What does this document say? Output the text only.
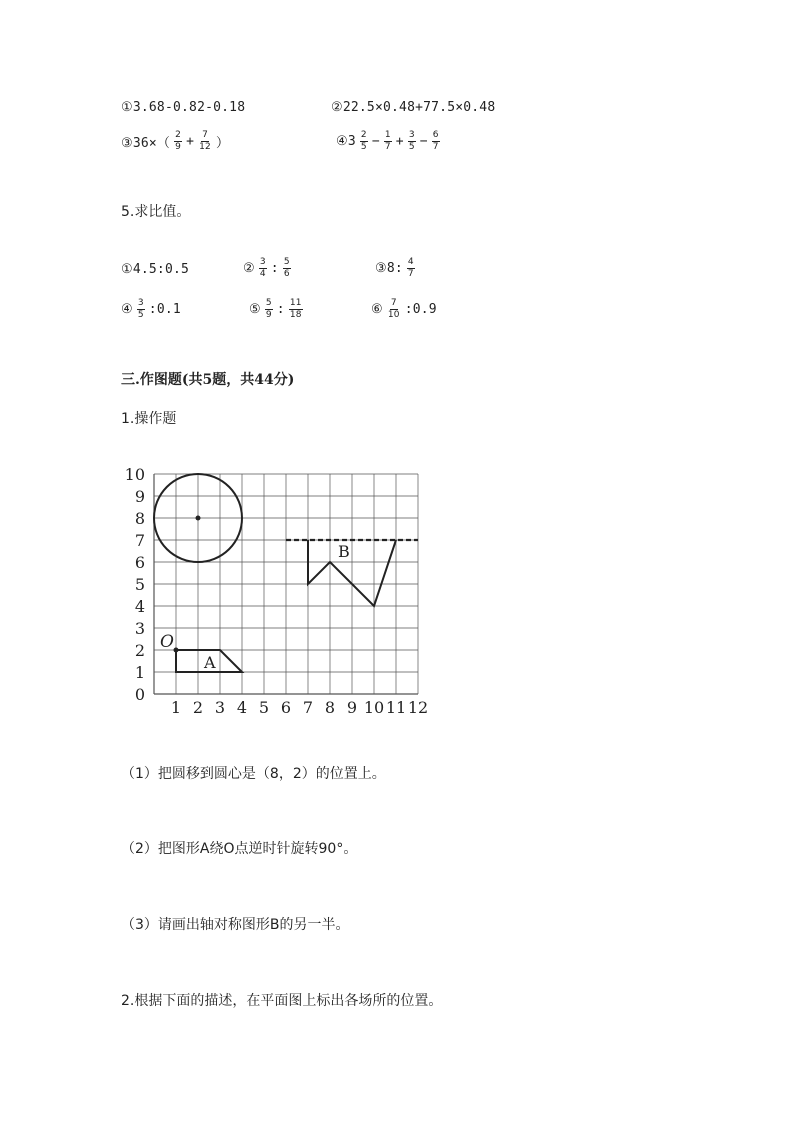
①3.68-0.82-0.18	②22.5×0.48+77.5×0.48
③36×（ $\frac{2}{9} + \frac{7}{12}$ ）	④3 $\frac{2}{5} - \frac{1}{7} + \frac{3}{5} - \frac{6}{7}$
5.求比值。
①4.5:0.5	② $\frac{3}{4}$ : $\frac{5}{6}$	③8: $\frac{4}{7}$
④ $\frac{3}{5}$ :0.1	⑤ $\frac{5}{9}$ : $\frac{11}{18}$	⑥ $\frac{7}{10}$ :0.9
三.作图题(共5题，共44分)
1.操作题
1 2 3 4 5 6 7 8 9 10 11 12
0
1
2
3
4
5
6
7
8
9
10
O
A
B
（1）把圆移到圆心是（8，2）的位置上。
（2）把图形A绕O点逆时针旋转90°。
（3）请画出轴对称图形B的另一半。
2.根据下面的描述，在平面图上标出各场所的位置。
